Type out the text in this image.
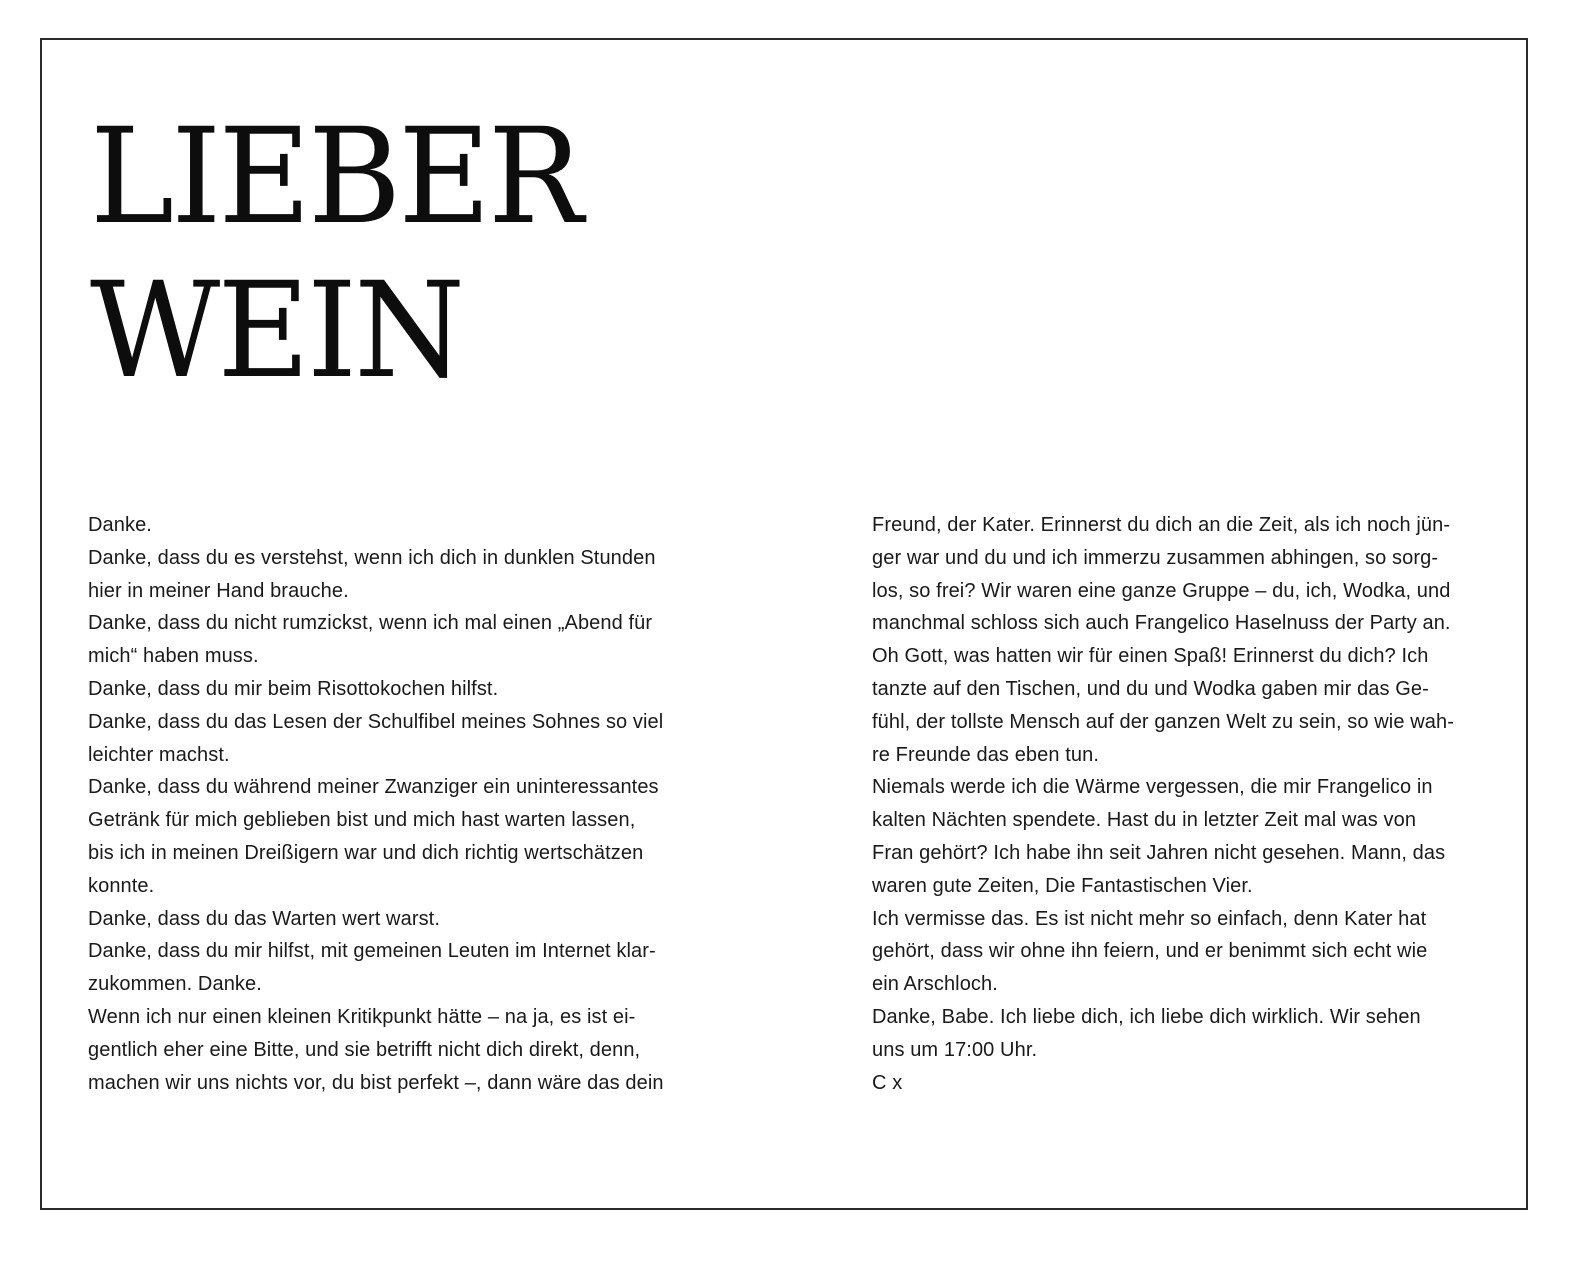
LIEBER
WEIN

Danke.

Danke, dass du es verstehst, wenn ich dich in dunklen Stunden

hier in meiner Hand brauche.

Danke, dass du nicht rumzickst, wenn ich mal einen „Abend für

mich“ haben muss.

Danke, dass du mir beim Risottokochen hilfst.

Danke, dass du das Lesen der Schulfibel meines Sohnes so viel

leichter machst.

Danke, dass du während meiner Zwanziger ein uninteressantes

Getränk für mich geblieben bist und mich hast warten lassen,

bis ich in meinen Dreißigern war und dich richtig wertschätzen

konnte.

Danke, dass du das Warten wert warst.

Danke, dass du mir hilfst, mit gemeinen Leuten im Internet klar-

zukommen. Danke.

Wenn ich nur einen kleinen Kritikpunkt hätte – na ja, es ist ei-

gentlich eher eine Bitte, und sie betrifft nicht dich direkt, denn,

machen wir uns nichts vor, du bist perfekt –, dann wäre das dein

Freund, der Kater. Erinnerst du dich an die Zeit, als ich noch jün-

ger war und du und ich immerzu zusammen abhingen, so sorg-

los, so frei? Wir waren eine ganze Gruppe – du, ich, Wodka, und

manchmal schloss sich auch Frangelico Haselnuss der Party an.

Oh Gott, was hatten wir für einen Spaß! Erinnerst du dich? Ich

tanzte auf den Tischen, und du und Wodka gaben mir das Ge-

fühl, der tollste Mensch auf der ganzen Welt zu sein, so wie wah-

re Freunde das eben tun.

Niemals werde ich die Wärme vergessen, die mir Frangelico in

kalten Nächten spendete. Hast du in letzter Zeit mal was von

Fran gehört? Ich habe ihn seit Jahren nicht gesehen. Mann, das

waren gute Zeiten, Die Fantastischen Vier.

Ich vermisse das. Es ist nicht mehr so einfach, denn Kater hat

gehört, dass wir ohne ihn feiern, und er benimmt sich echt wie

ein Arschloch.

Danke, Babe. Ich liebe dich, ich liebe dich wirklich. Wir sehen

uns um 17:00 Uhr.

C x
